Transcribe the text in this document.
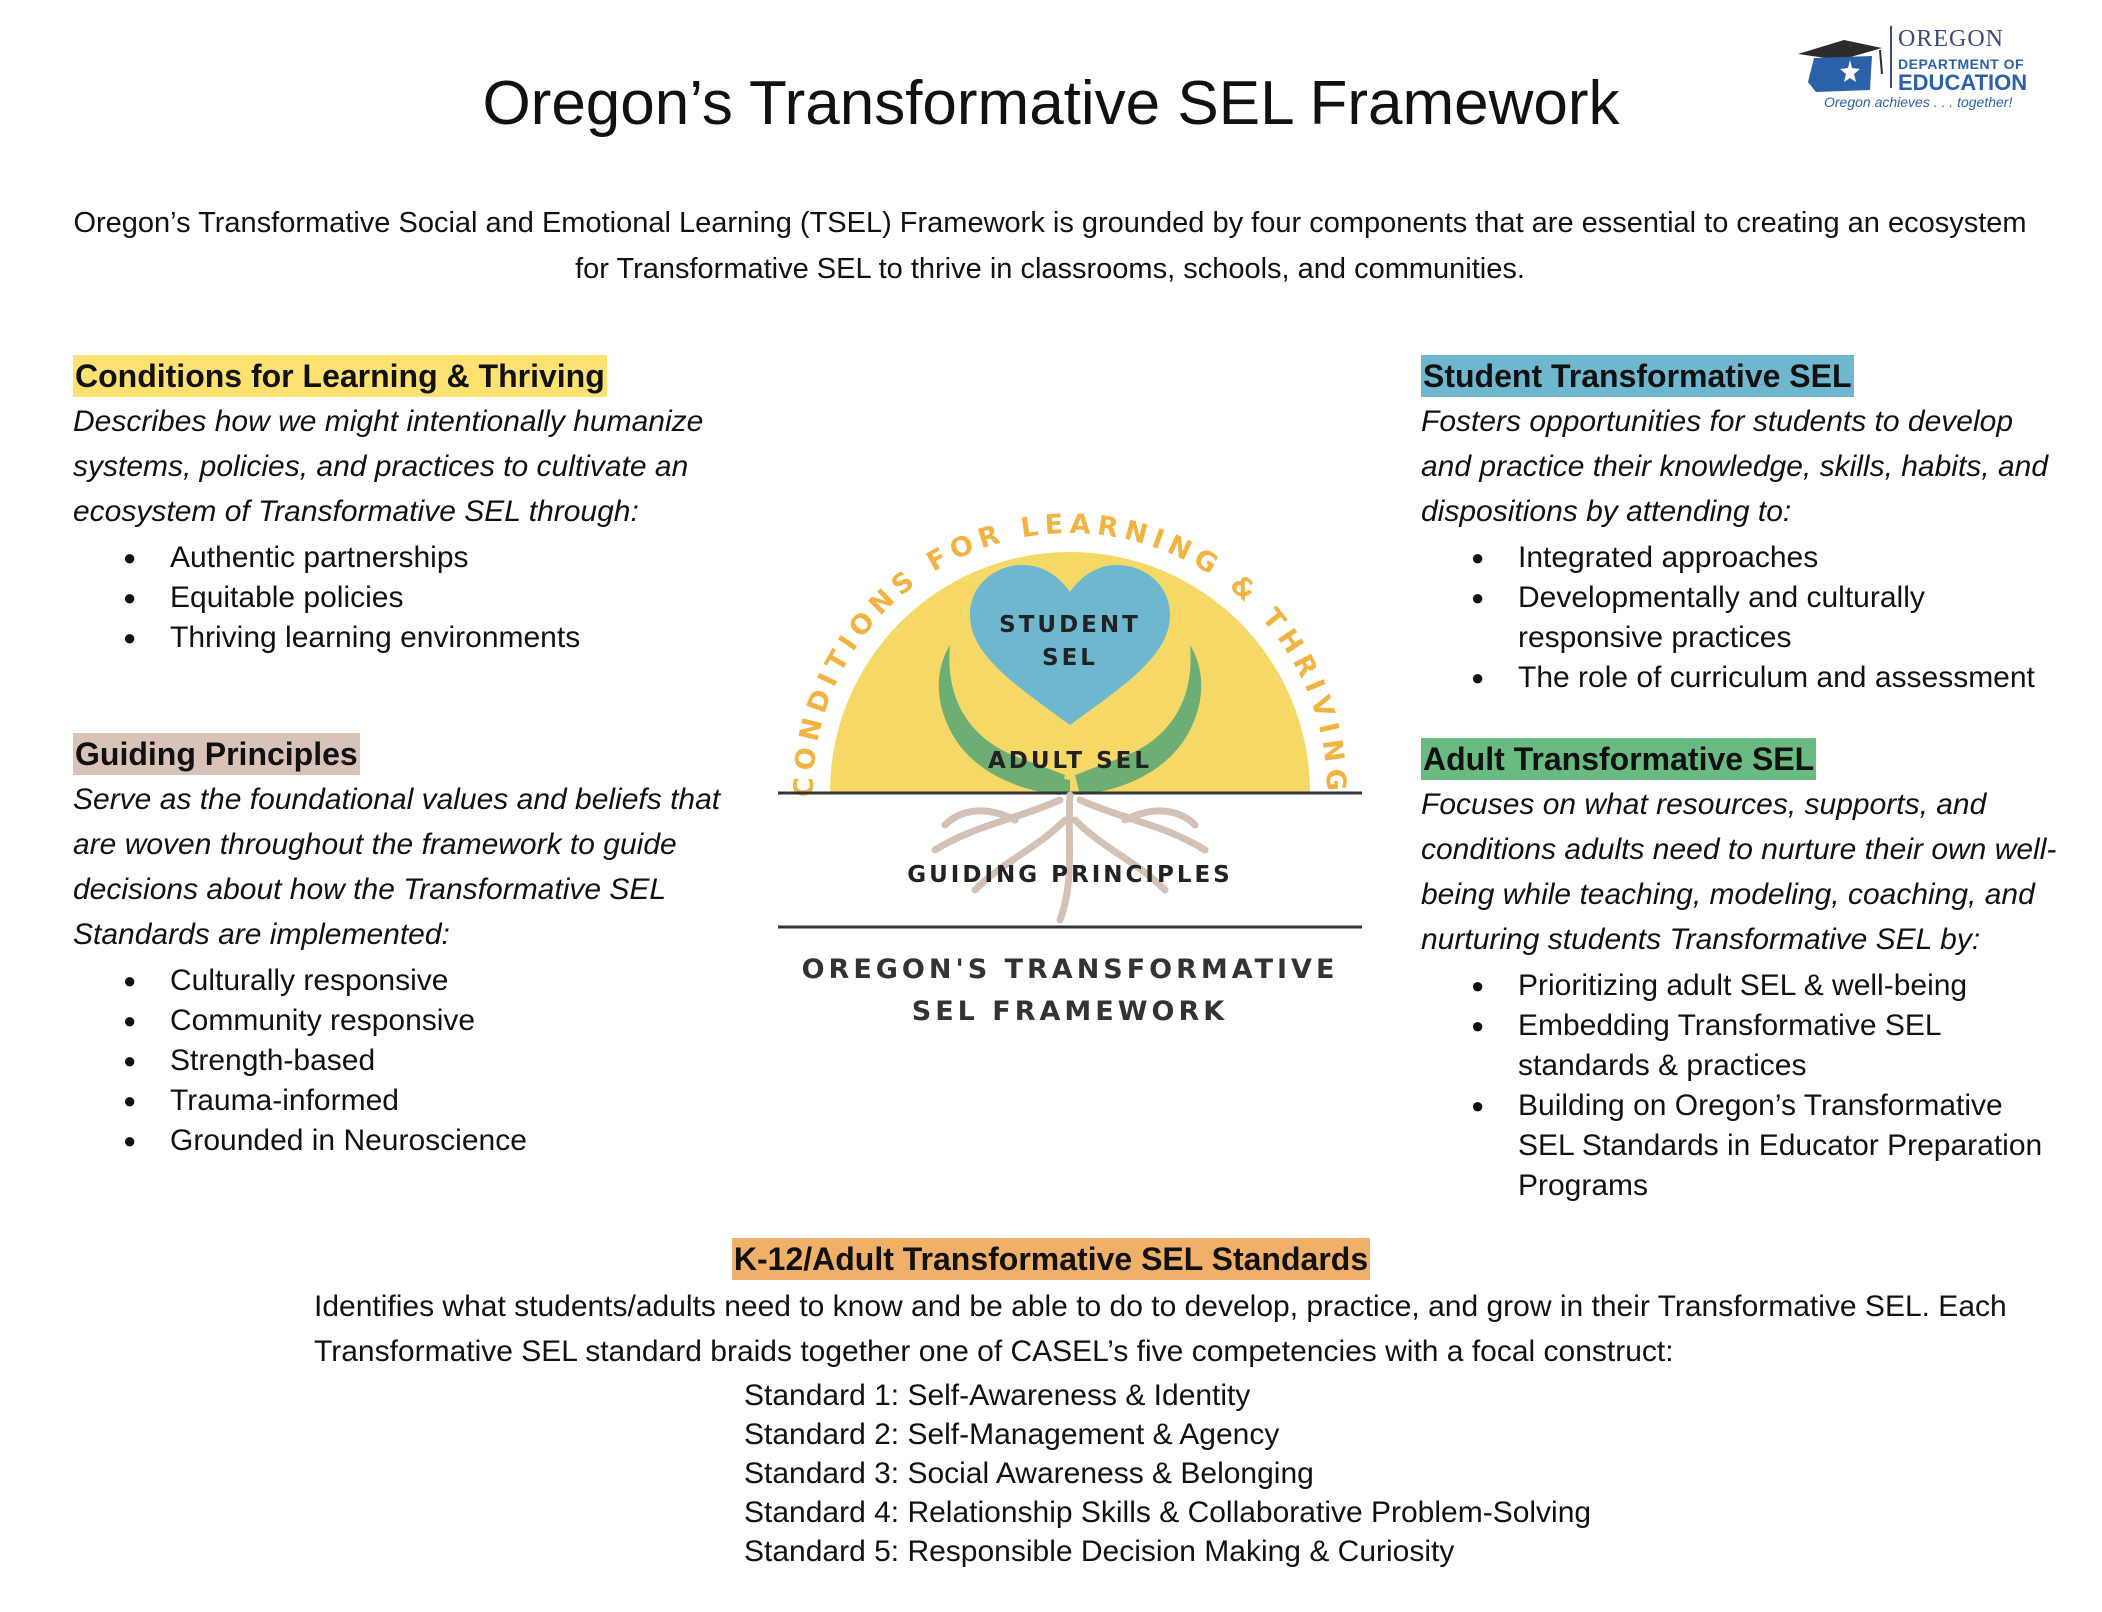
Oregon’s Transformative SEL Framework
OREGON
DEPARTMENT OF
EDUCATION
Oregon achieves . . . together!
Oregon’s Transformative Social and Emotional Learning (TSEL) Framework is grounded by four components that are essential to creating an ecosystem for Transformative SEL to thrive in classrooms, schools, and communities.
Conditions for Learning & Thriving
Describes how we might intentionally humanize systems, policies, and practices to cultivate an ecosystem of Transformative SEL through:
● Authentic partnerships
● Equitable policies
● Thriving learning environments
Guiding Principles
Serve as the foundational values and beliefs that are woven throughout the framework to guide decisions about how the Transformative SEL Standards are implemented:
● Culturally responsive
● Community responsive
● Strength-based
● Trauma-informed
● Grounded in Neuroscience
Student Transformative SEL
Fosters opportunities for students to develop and practice their knowledge, skills, habits, and dispositions by attending to:
● Integrated approaches
● Developmentally and culturally responsive practices
● The role of curriculum and assessment
Adult Transformative SEL
Focuses on what resources, supports, and conditions adults need to nurture their own well-being while teaching, modeling, coaching, and nurturing students Transformative SEL by:
● Prioritizing adult SEL & well-being
● Embedding Transformative SEL standards & practices
● Building on Oregon’s Transformative SEL Standards in Educator Preparation Programs
CONDITIONS FOR LEARNING & THRIVING
STUDENT
SEL
ADULT SEL
GUIDING PRINCIPLES
OREGON'S TRANSFORMATIVE
SEL FRAMEWORK
K-12/Adult Transformative SEL Standards
Identifies what students/adults need to know and be able to do to develop, practice, and grow in their Transformative SEL. Each Transformative SEL standard braids together one of CASEL’s five competencies with a focal construct:
Standard 1: Self-Awareness & Identity
Standard 2: Self-Management & Agency
Standard 3: Social Awareness & Belonging
Standard 4: Relationship Skills & Collaborative Problem-Solving
Standard 5: Responsible Decision Making & Curiosity
